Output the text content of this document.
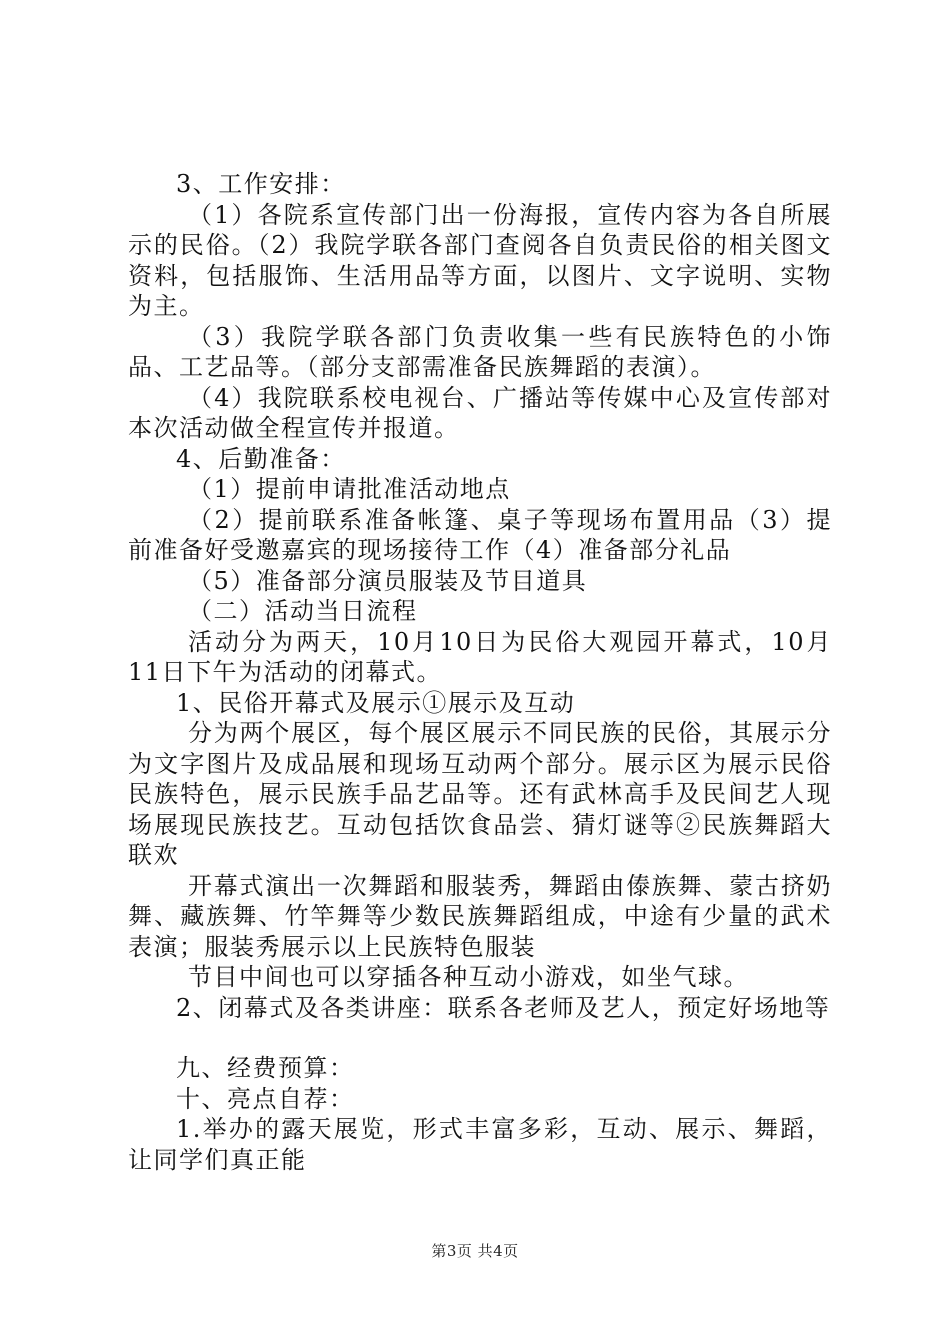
3、工作安排：

（1）各院系宣传部门出一份海报，宣传内容为各自所展示的民俗。（2）我院学联各部门查阅各自负责民俗的相关图文资料，包括服饰、生活用品等方面，以图片、文字说明、实物为主。

（3）我院学联各部门负责收集一些有民族特色的小饰品、工艺品等。（部分支部需准备民族舞蹈的表演）。

（4）我院联系校电视台、广播站等传媒中心及宣传部对本次活动做全程宣传并报道。

4、后勤准备：

（1）提前申请批准活动地点

（2）提前联系准备帐篷、桌子等现场布置用品（3）提前准备好受邀嘉宾的现场接待工作（4）准备部分礼品

（5）准备部分演员服装及节目道具

（二）活动当日流程

活动分为两天，10月10日为民俗大观园开幕式，10月11日下午为活动的闭幕式。

1、民俗开幕式及展示①展示及互动

分为两个展区，每个展区展示不同民族的民俗，其展示分为文字图片及成品展和现场互动两个部分。展示区为展示民俗民族特色，展示民族手品艺品等。还有武林高手及民间艺人现场展现民族技艺。互动包括饮食品尝、猜灯谜等②民族舞蹈大联欢

开幕式演出一次舞蹈和服装秀，舞蹈由傣族舞、蒙古挤奶舞、藏族舞、竹竿舞等少数民族舞蹈组成，中途有少量的武术表演；服装秀展示以上民族特色服装

节目中间也可以穿插各种互动小游戏，如坐气球。

2、闭幕式及各类讲座：联系各老师及艺人，预定好场地等

九、经费预算：

十、亮点自荐：

1.举办的露天展览，形式丰富多彩，互动、展示、舞蹈，让同学们真正能

第3页 共4页
